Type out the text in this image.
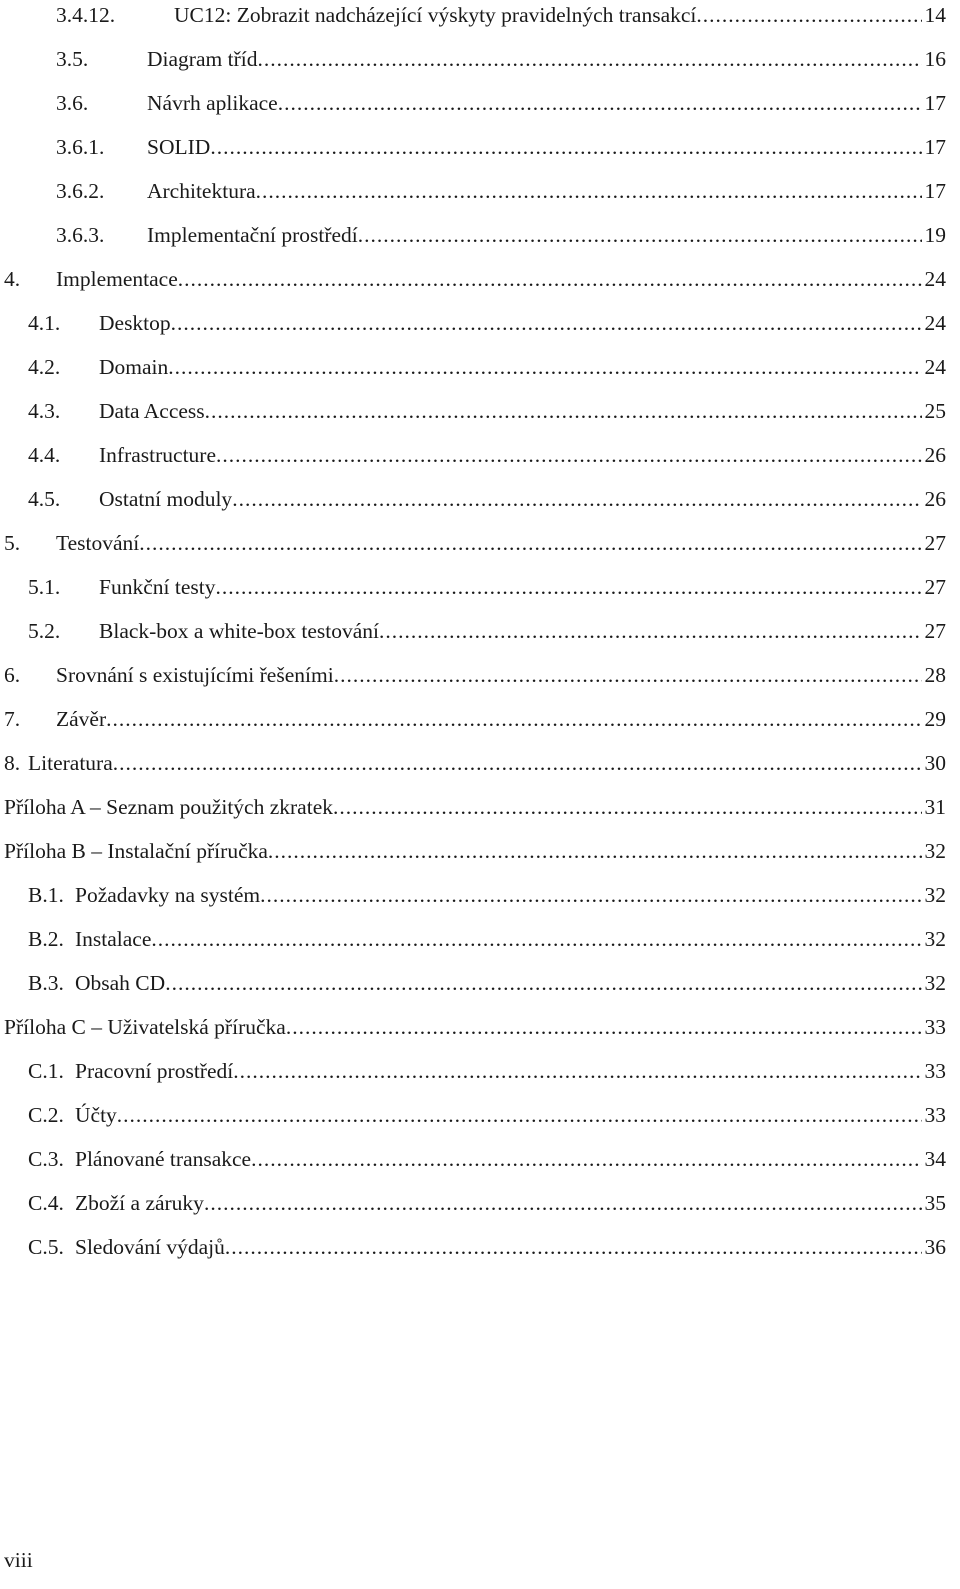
3.4.12.	UC12: Zobrazit nadcházející výskyty pravidelných transakcí .....	14
3.5.	Diagram tříd .....	16
3.6.	Návrh aplikace .....	17
3.6.1.	SOLID .....	17
3.6.2.	Architektura .....	17
3.6.3.	Implementační prostředí .....	19
4.	Implementace .....	24
4.1.	Desktop .....	24
4.2.	Domain .....	24
4.3.	Data Access .....	25
4.4.	Infrastructure .....	26
4.5.	Ostatní moduly .....	26
5.	Testování .....	27
5.1.	Funkční testy .....	27
5.2.	Black-box a white-box testování .....	27
6.	Srovnání s existujícími řešeními .....	28
7.	Závěr .....	29
8. Literatura .....	30
Příloha A – Seznam použitých zkratek .....	31
Příloha B – Instalační příručka .....	32
B.1. Požadavky na systém .....	32
B.2. Instalace .....	32
B.3. Obsah CD .....	32
Příloha C – Uživatelská příručka .....	33
C.1. Pracovní prostředí .....	33
C.2. Účty .....	33
C.3. Plánované transakce .....	34
C.4. Zboží a záruky .....	35
C.5. Sledování výdajů .....	36
viii
